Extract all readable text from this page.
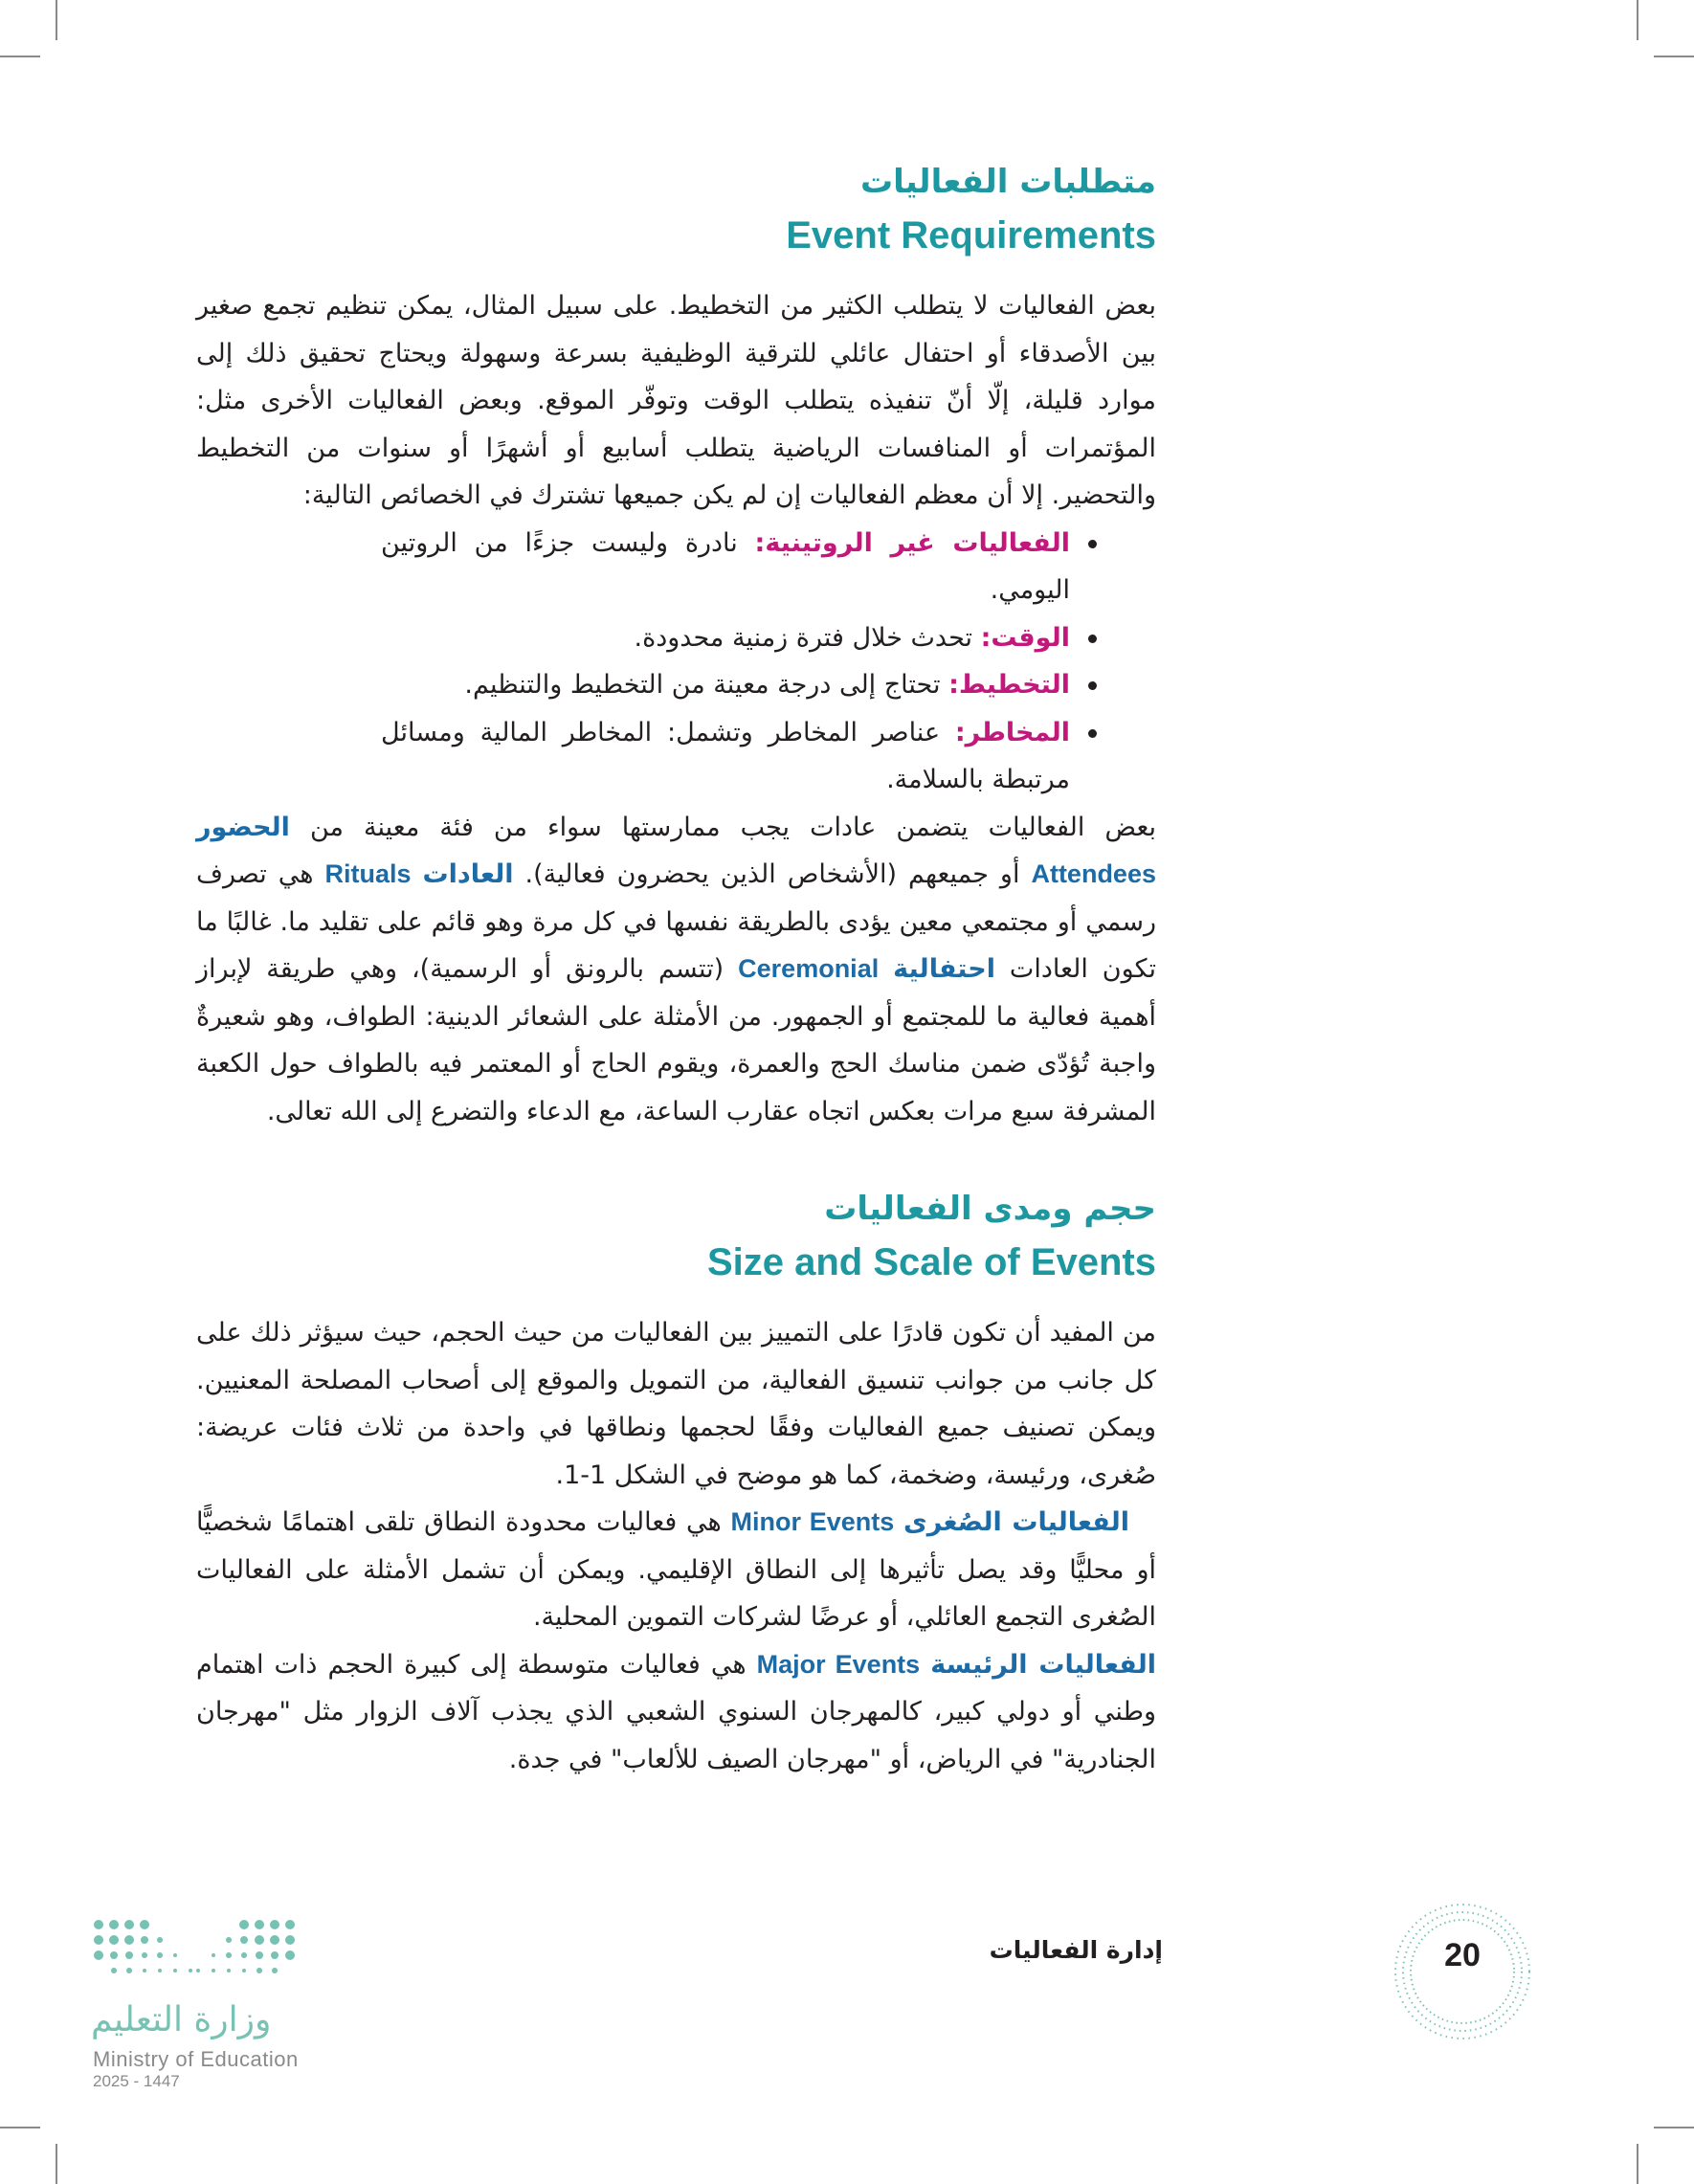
متطلبات الفعاليات
Event Requirements

بعض الفعاليات لا يتطلب الكثير من التخطيط. على سبيل المثال، يمكن تنظيم تجمع صغير بين الأصدقاء أو احتفال عائلي للترقية الوظيفية بسرعة وسهولة ويحتاج تحقيق ذلك إلى موارد قليلة، إلّا أنّ تنفيذه يتطلب الوقت وتوفّر الموقع. وبعض الفعاليات الأخرى مثل: المؤتمرات أو المنافسات الرياضية يتطلب أسابيع أو أشهرًا أو سنوات من التخطيط والتحضير. إلا أن معظم الفعاليات إن لم يكن جميعها تشترك في الخصائص التالية:

الفعاليات غير الروتينية: نادرة وليست جزءًا من الروتين اليومي.
الوقت: تحدث خلال فترة زمنية محدودة.
التخطيط: تحتاج إلى درجة معينة من التخطيط والتنظيم.
المخاطر: عناصر المخاطر وتشمل: المخاطر المالية ومسائل مرتبطة بالسلامة.

بعض الفعاليات يتضمن عادات يجب ممارستها سواء من فئة معينة من الحضور Attendees أو جميعهم (الأشخاص الذين يحضرون فعالية). العادات Rituals هي تصرف رسمي أو مجتمعي معين يؤدى بالطريقة نفسها في كل مرة وهو قائم على تقليد ما. غالبًا ما تكون العادات احتفالية Ceremonial (تتسم بالرونق أو الرسمية)، وهي طريقة لإبراز أهمية فعالية ما للمجتمع أو الجمهور. من الأمثلة على الشعائر الدينية: الطواف، وهو شعيرةٌ واجبة تُؤدّى ضمن مناسك الحج والعمرة، ويقوم الحاج أو المعتمر فيه بالطواف حول الكعبة المشرفة سبع مرات بعكس اتجاه عقارب الساعة، مع الدعاء والتضرع إلى الله تعالى.

حجم ومدى الفعاليات
Size and Scale of Events

من المفيد أن تكون قادرًا على التمييز بين الفعاليات من حيث الحجم، حيث سيؤثر ذلك على كل جانب من جوانب تنسيق الفعالية، من التمويل والموقع إلى أصحاب المصلحة المعنيين. ويمكن تصنيف جميع الفعاليات وفقًا لحجمها ونطاقها في واحدة من ثلاث فئات عريضة: صُغرى، ورئيسة، وضخمة، كما هو موضح في الشكل 1-1.

الفعاليات الصُغرى Minor Events هي فعاليات محدودة النطاق تلقى اهتمامًا شخصيًّا أو محليًّا وقد يصل تأثيرها إلى النطاق الإقليمي. ويمكن أن تشمل الأمثلة على الفعاليات الصُغرى التجمع العائلي، أو عرضًا لشركات التموين المحلية.

الفعاليات الرئيسة Major Events هي فعاليات متوسطة إلى كبيرة الحجم ذات اهتمام وطني أو دولي كبير، كالمهرجان السنوي الشعبي الذي يجذب آلاف الزوار مثل "مهرجان الجنادرية" في الرياض، أو "مهرجان الصيف للألعاب" في جدة.

إدارة الفعاليات	20
وزارة التعليم
Ministry of Education
2025 - 1447
